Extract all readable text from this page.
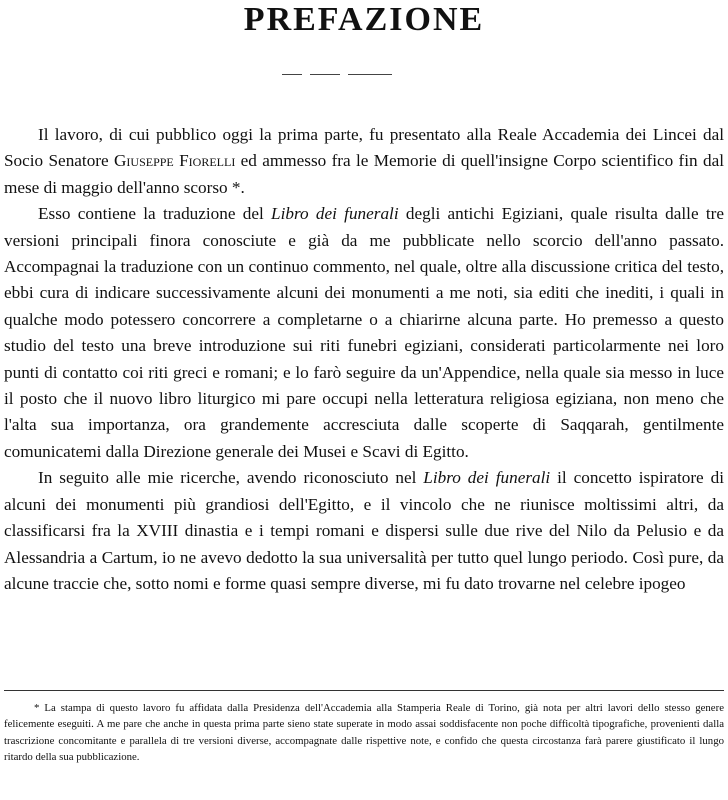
PREFAZIONE

Il lavoro, di cui pubblico oggi la prima parte, fu presentato alla Reale Accademia dei Lincei dal Socio Senatore Giuseppe Fiorelli ed ammesso fra le Memorie di quell'insigne Corpo scientifico fin dal mese di maggio dell'anno scorso *.

Esso contiene la traduzione del Libro dei funerali degli antichi Egiziani, quale risulta dalle tre versioni principali finora conosciute e già da me pubblicate nello scorcio dell'anno passato. Accompagnai la traduzione con un continuo commento, nel quale, oltre alla discussione critica del testo, ebbi cura di indicare successivamente alcuni dei monumenti a me noti, sia editi che inediti, i quali in qualche modo potessero concorrere a completarne o a chiarirne alcuna parte. Ho premesso a questo studio del testo una breve introduzione sui riti funebri egiziani, considerati particolarmente nei loro punti di contatto coi riti greci e romani; e lo farò seguire da un'Appendice, nella quale sia messo in luce il posto che il nuovo libro liturgico mi pare occupi nella letteratura religiosa egiziana, non meno che l'alta sua importanza, ora grandemente accresciuta dalle scoperte di Saqqarah, gentilmente comunicatemi dalla Direzione generale dei Musei e Scavi di Egitto.

In seguito alle mie ricerche, avendo riconosciuto nel Libro dei funerali il concetto ispiratore di alcuni dei monumenti più grandiosi dell'Egitto, e il vincolo che ne riunisce moltissimi altri, da classificarsi fra la XVIII dinastia e i tempi romani e dispersi sulle due rive del Nilo da Pelusio e da Alessandria a Cartum, io ne avevo dedotto la sua universalità per tutto quel lungo periodo. Così pure, da alcune traccie che, sotto nomi e forme quasi sempre diverse, mi fu dato trovarne nel celebre ipogeo

* La stampa di questo lavoro fu affidata dalla Presidenza dell'Accademia alla Stamperia Reale di Torino, già nota per altri lavori dello stesso genere felicemente eseguiti. A me pare che anche in questa prima parte sieno state superate in modo assai soddisfacente non poche difficoltà tipografiche, provenienti dalla trascrizione concomitante e parallela di tre versioni diverse, accompagnate dalle rispettive note, e confido che questa circostanza farà parere giustificato il lungo ritardo della sua pubblicazione.
